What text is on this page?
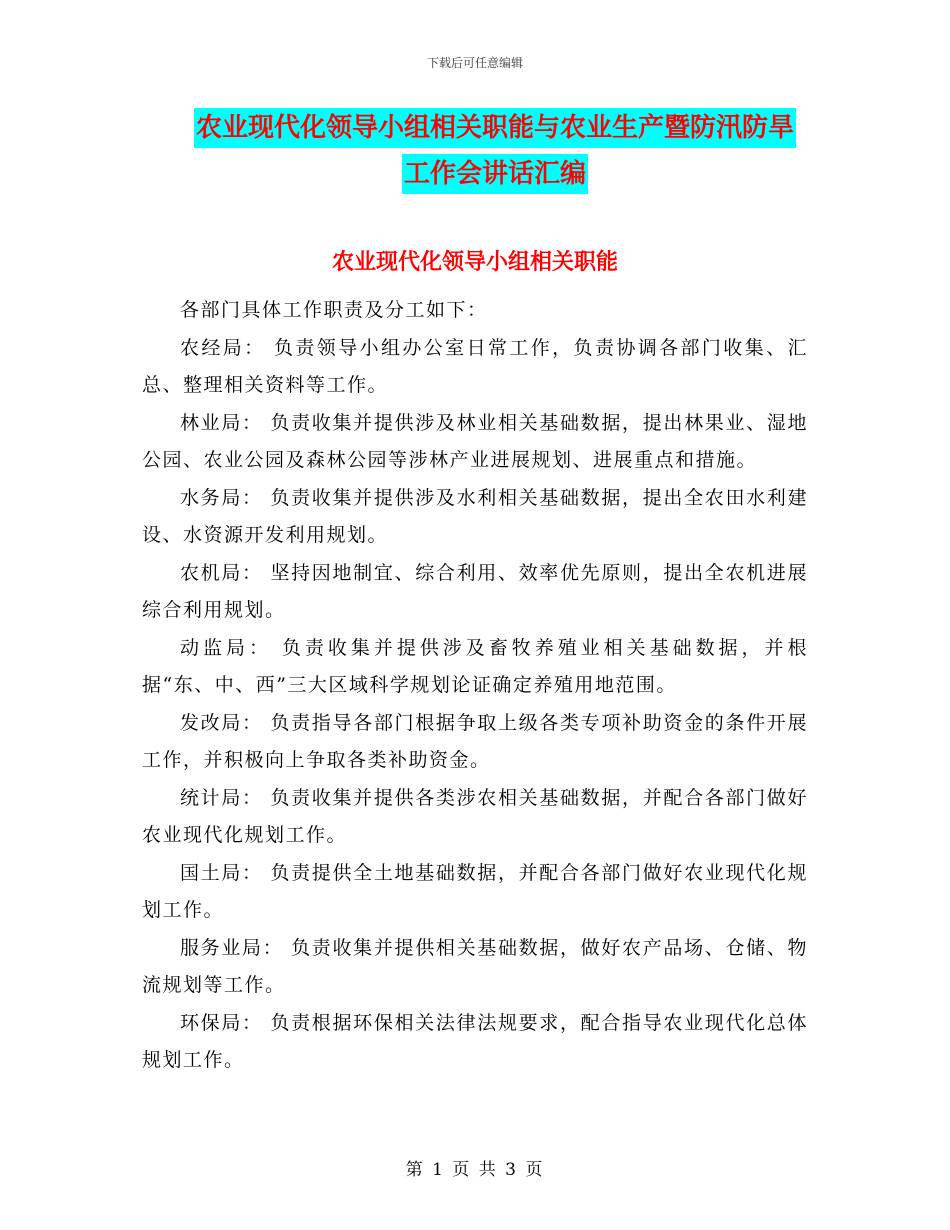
下载后可任意编辑
农业现代化领导小组相关职能与农业生产暨防汛防旱
工作会讲话汇编
农业现代化领导小组相关职能

各部门具体工作职责及分工如下：

农经局： 负责领导小组办公室日常工作，负责协调各部门收集、汇总、整理相关资料等工作。

林业局： 负责收集并提供涉及林业相关基础数据，提出林果业、湿地公园、农业公园及森林公园等涉林产业进展规划、进展重点和措施。

水务局： 负责收集并提供涉及水利相关基础数据，提出全农田水利建设、水资源开发利用规划。

农机局： 坚持因地制宜、综合利用、效率优先原则，提出全农机进展综合利用规划。

动监局： 负责收集并提供涉及畜牧养殖业相关基础数据，并根据“东、中、西”三大区域科学规划论证确定养殖用地范围。

发改局： 负责指导各部门根据争取上级各类专项补助资金的条件开展工作，并积极向上争取各类补助资金。

统计局： 负责收集并提供各类涉农相关基础数据，并配合各部门做好农业现代化规划工作。

国土局： 负责提供全土地基础数据，并配合各部门做好农业现代化规划工作。

服务业局： 负责收集并提供相关基础数据，做好农产品场、仓储、物流规划等工作。

环保局： 负责根据环保相关法律法规要求，配合指导农业现代化总体规划工作。

第 1 页 共 3 页
